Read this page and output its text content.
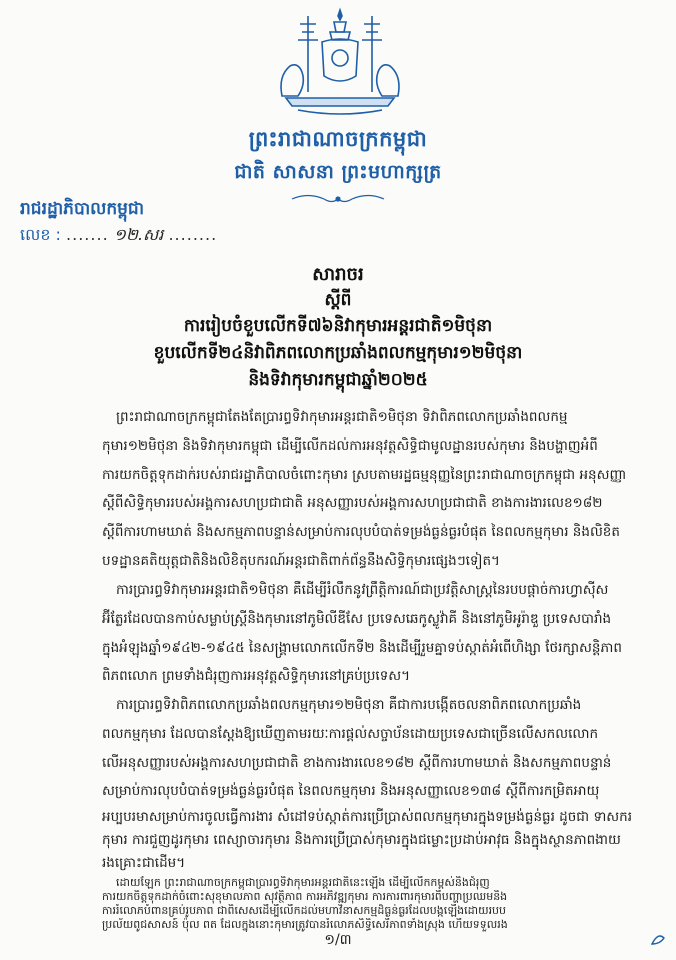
ព្រះរាជាណាចក្រកម្ពុជា
ជាតិ សាសនា ព្រះមហាក្សត្រ
រាជរដ្ឋាភិបាលកម្ពុជា
លេខ : ....... ១២.សរ ........
សារាចរ
ស្តីពី
ការរៀបចំខួបលើកទី៧៦និវាកុមារអន្តរជាតិ១មិថុនា
ខួបលើកទី២៤និវាពិភពលោកប្រឆាំងពលកម្មកុមារ១២មិថុនា
និងទិវាកុមារកម្ពុជាឆ្នាំ២០២៥
ព្រះរាជាណាចក្រកម្ពុជាតែងតែប្រារព្ធទិវាកុមារអន្តរជាតិ១មិថុនា ទិវាពិភពលោកប្រឆាំងពលកម្ម
កុមារ១២មិថុនា និងទិវាកុមារកម្ពុជា ដើម្បីលើកដល់ការអនុវត្តសិទ្ធិជាមូលដ្ឋានរបស់កុមារ និងបង្ហាញអំពី
ការយកចិត្តទុកដាក់របស់រាជរដ្ឋាភិបាលចំពោះកុមារ ស្របតាមរដ្ឋធម្មនុញ្ញនៃព្រះរាជាណាចក្រកម្ពុជា អនុសញ្ញា
ស្តីពីសិទ្ធិកុមាររបស់អង្គការសហប្រជាជាតិ អនុសញ្ញារបស់អង្គការសហប្រជាជាតិ ខាងការងារលេខ១៨២
ស្តីពីការហាមឃាត់ និងសកម្មភាពបន្ទាន់សម្រាប់ការលុបបំបាត់ទម្រង់ធ្ងន់ធ្ងរបំផុត នៃពលកម្មកុមារ និងលិខិត
បទដ្ឋានគតិយុត្តជាតិនិងលិខិតុបករណ៍អន្តរជាតិពាក់ព័ន្ធនឹងសិទ្ធិកុមារផ្សេងៗទៀត។
ការប្រារព្ធទិវាកុមារអន្តរជាតិ១មិថុនា គឺដើម្បីរំលឹកនូវព្រឹត្តិការណ៍ជាប្រវត្តិសាស្ត្រនៃរបបផ្តាច់ការហ្វាស៊ីស
អ៊ីត្លែរដែលបានកាប់សម្លាប់ស្ត្រីនិងកុមារនៅភូមិលីឌីសែ ប្រទេសឆេកូស្លូវ៉ាគី និងនៅភូមិអូរ៉ាឌួ ប្រទេសបារាំង
ក្នុងអំឡុងឆ្នាំ១៩៤២-១៩៤៥ នៃសង្គ្រាមលោកលើកទី២ និងដើម្បីរួមគ្នាទប់ស្កាត់អំពើហិង្សា ថែរក្សាសន្តិភាព
ពិភពលោក ព្រមទាំងជំរុញការអនុវត្តសិទ្ធិកុមារនៅគ្រប់ប្រទេស។
ការប្រារព្ធទិវាពិភពលោកប្រឆាំងពលកម្មកុមារ១២មិថុនា គឺជាការបង្កើតចលនាពិភពលោកប្រឆាំង
ពលកម្មកុមារ ដែលបានស្តែងឱ្យឃើញតាមរយៈការផ្តល់សច្ចាប័នដោយប្រទេសជាច្រើនលើសកលលោក
លើអនុសញ្ញារបស់អង្គការសហប្រជាជាតិ ខាងការងារលេខ១៨២ ស្តីពីការហាមឃាត់ និងសកម្មភាពបន្ទាន់
សម្រាប់ការលុបបំបាត់ទម្រង់ធ្ងន់ធ្ងរបំផុត នៃពលកម្មកុមារ និងអនុសញ្ញាលេខ១៣៨ ស្តីពីការកម្រិតអាយុ
អប្បបរមាសម្រាប់ការចូលធ្វើការងារ សំដៅទប់ស្កាត់ការប្រើប្រាស់ពលកម្មកុមារក្នុងទម្រង់ធ្ងន់ធ្ងរ ដូចជា ទាសករ
កុមារ ការជួញដូរកុមារ ពេស្យាចារកុមារ និងការប្រើប្រាស់កុមារក្នុងជម្លោះប្រដាប់អាវុធ និងក្នុងស្ថានភាពងាយ
រងគ្រោះជាដើម។
ដោយឡែក ព្រះរាជាណាចក្រកម្ពុជាប្រារព្ធទិវាកុមារអន្តរជាតិនេះឡើង ដើម្បីលើកកម្ពស់និងជំរុញ
ការយកចិត្តទុកដាក់ចំពោះសុខុមាលភាព សុវត្ថិភាព ការអភិវឌ្ឍកុមារ ការការពារកុមារពីបញ្ហាប្រឈមនិង
ការរំលោភបំពានគ្រប់រូបភាព ជាពិសេសដើម្បីលើកដល់មហាវិនាសកម្មដ៏ធ្ងន់ធ្ងរដែលបង្កឡើងដោយរបប
ប្រល័យពូជសាសន៍ ប៉ុល ពត ដែលក្នុងនោះកុមារត្រូវបានរំលោភសិទ្ធិសេរីភាពទាំងស្រុង ហើយទទួលរង
១/៣
